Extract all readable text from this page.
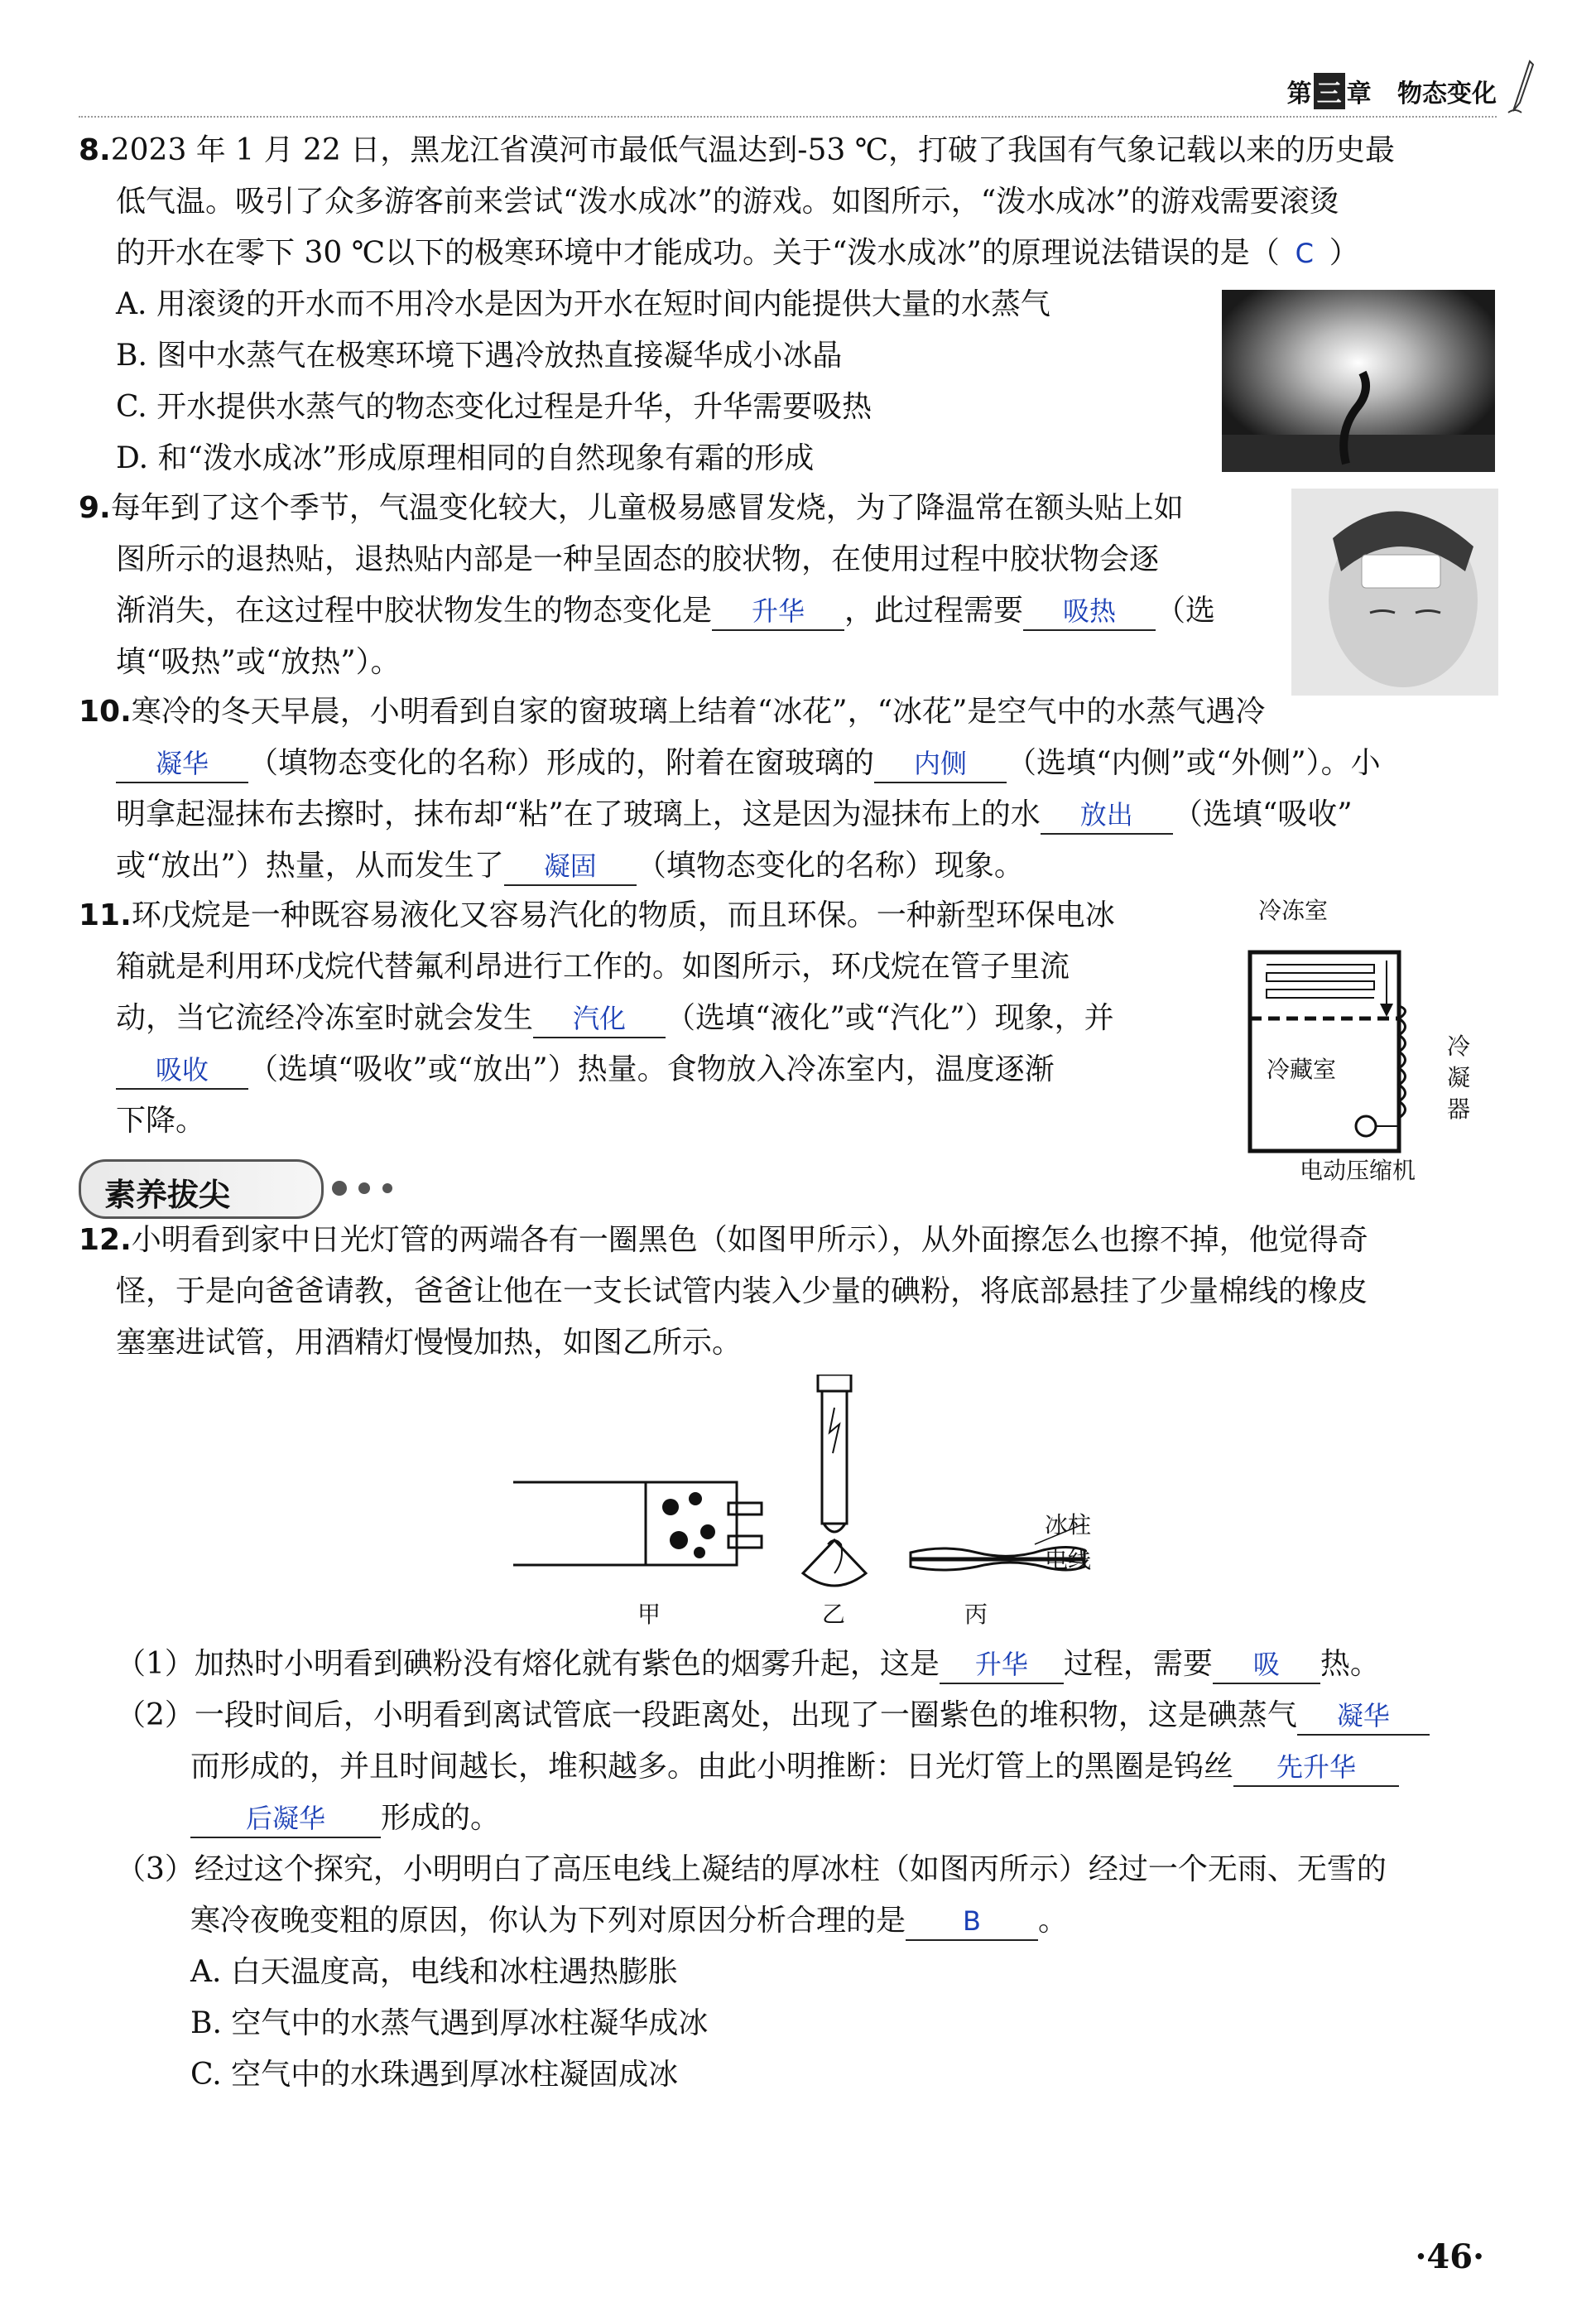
第 三 章 物态变化
8.2023 年 1 月 22 日，黑龙江省漠河市最低气温达到-53 ℃，打破了我国有气象记载以来的历史最
低气温。吸引了众多游客前来尝试“泼水成冰”的游戏。如图所示，“泼水成冰”的游戏需要滚烫
的开水在零下 30 ℃以下的极寒环境中才能成功。关于“泼水成冰”的原理说法错误的是（ C ）
A. 用滚烫的开水而不用冷水是因为开水在短时间内能提供大量的水蒸气
B. 图中水蒸气在极寒环境下遇冷放热直接凝华成小冰晶
C. 开水提供水蒸气的物态变化过程是升华，升华需要吸热
D. 和“泼水成冰”形成原理相同的自然现象有霜的形成
9.每年到了这个季节，气温变化较大，儿童极易感冒发烧，为了降温常在额头贴上如
图所示的退热贴，退热贴内部是一种呈固态的胶状物，在使用过程中胶状物会逐
渐消失，在这过程中胶状物发生的物态变化是 升华 ，此过程需要 吸热 （选
填“吸热”或“放热”）。
10.寒冷的冬天早晨，小明看到自家的窗玻璃上结着“冰花”，“冰花”是空气中的水蒸气遇冷
凝华 （填物态变化的名称）形成的，附着在窗玻璃的 内侧 （选填“内侧”或“外侧”）。小
明拿起湿抹布去擦时，抹布却“粘”在了玻璃上，这是因为湿抹布上的水 放出 （选填“吸收”
或“放出”）热量，从而发生了 凝固 （填物态变化的名称）现象。
11.环戊烷是一种既容易液化又容易汽化的物质，而且环保。一种新型环保电冰
箱就是利用环戊烷代替氟利昂进行工作的。如图所示，环戊烷在管子里流
动，当它流经冷冻室时就会发生 汽化 （选填“液化”或“汽化”）现象，并
吸收 （选填“吸收”或“放出”）热量。食物放入冷冻室内，温度逐渐
下降。
冷冻室
冷藏室
冷凝器
电动压缩机
素养拔尖
12.小明看到家中日光灯管的两端各有一圈黑色（如图甲所示），从外面擦怎么也擦不掉，他觉得奇
怪，于是向爸爸请教，爸爸让他在一支长试管内装入少量的碘粉，将底部悬挂了少量棉线的橡皮
塞塞进试管，用酒精灯慢慢加热，如图乙所示。
冰柱
电线
甲	乙	丙
（1）加热时小明看到碘粉没有熔化就有紫色的烟雾升起，这是 升华 过程，需要 吸 热。
（2）一段时间后，小明看到离试管底一段距离处，出现了一圈紫色的堆积物，这是碘蒸气 凝华
而形成的，并且时间越长，堆积越多。由此小明推断：日光灯管上的黑圈是钨丝 先升华
后凝华 形成的。
（3）经过这个探究，小明明白了高压电线上凝结的厚冰柱（如图丙所示）经过一个无雨、无雪的
寒冷夜晚变粗的原因，你认为下列对原因分析合理的是 B 。
A. 白天温度高，电线和冰柱遇热膨胀
B. 空气中的水蒸气遇到厚冰柱凝华成冰
C. 空气中的水珠遇到厚冰柱凝固成冰
·46·
